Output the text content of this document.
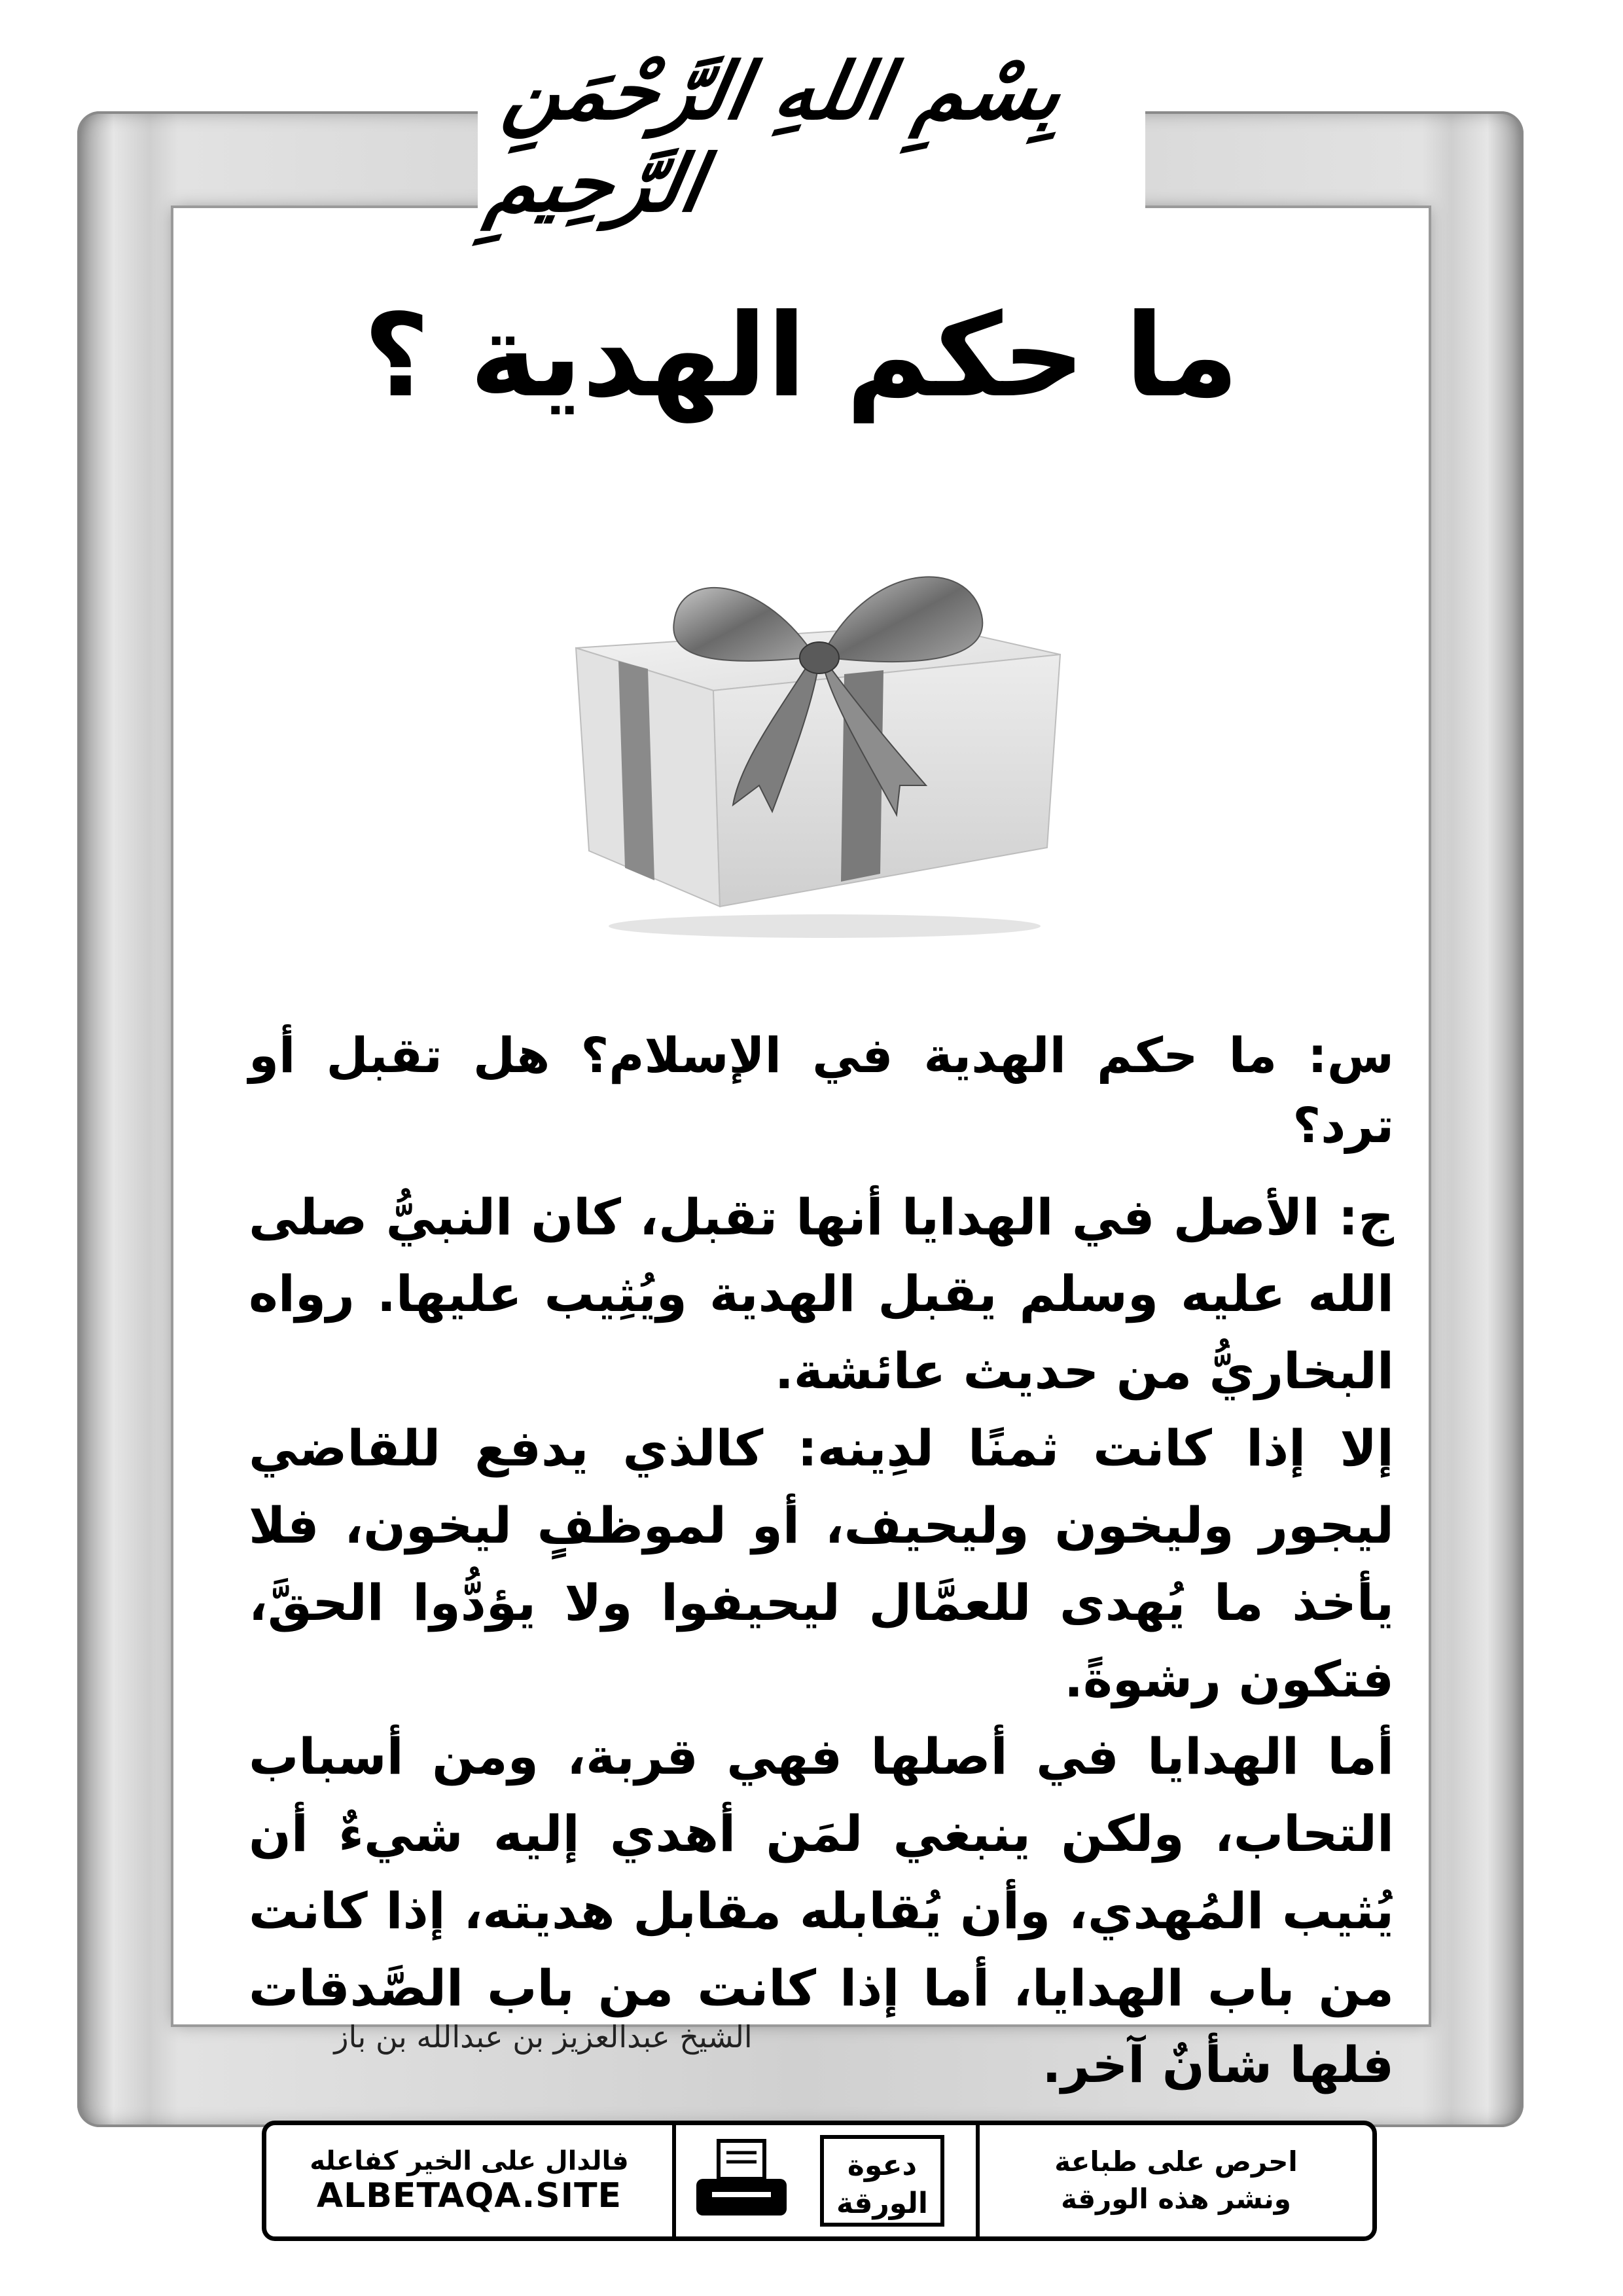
بِسْمِ اللهِ الرَّحْمَنِ الرَّحِيمِ
ما حكم الهدية ؟

س: ما حكم الهدية في الإسلام؟ هل تقبل أو ترد؟

ج: الأصل في الهدايا أنها تقبل، كان النبيُّ صلى الله عليه وسلم يقبل الهدية ويُثِيب عليها. رواه البخاريُّ من حديث عائشة.

إلا إذا كانت ثمنًا لدِينه: كالذي يدفع للقاضي ليجور وليخون وليحيف، أو لموظفٍ ليخون، فلا يأخذ ما يُهدى للعمَّال ليحيفوا ولا يؤدُّوا الحقَّ، فتكون رشوةً.

أما الهدايا في أصلها فهي قربة، ومن أسباب التحاب، ولكن ينبغي لمَن أهدي إليه شيءٌ أن يُثيب المُهدي، وأن يُقابله مقابل هديته، إذا كانت من باب الهدايا، أما إذا كانت من باب الصَّدقات فلها شأنٌ آخر.

الشيخ عبدالعزيز بن عبدالله بن باز
فالدال على الخير كفاعله
ALBETAQA.SITE
دعوة
الورقة
احرص على طباعة
ونشر هذه الورقة
